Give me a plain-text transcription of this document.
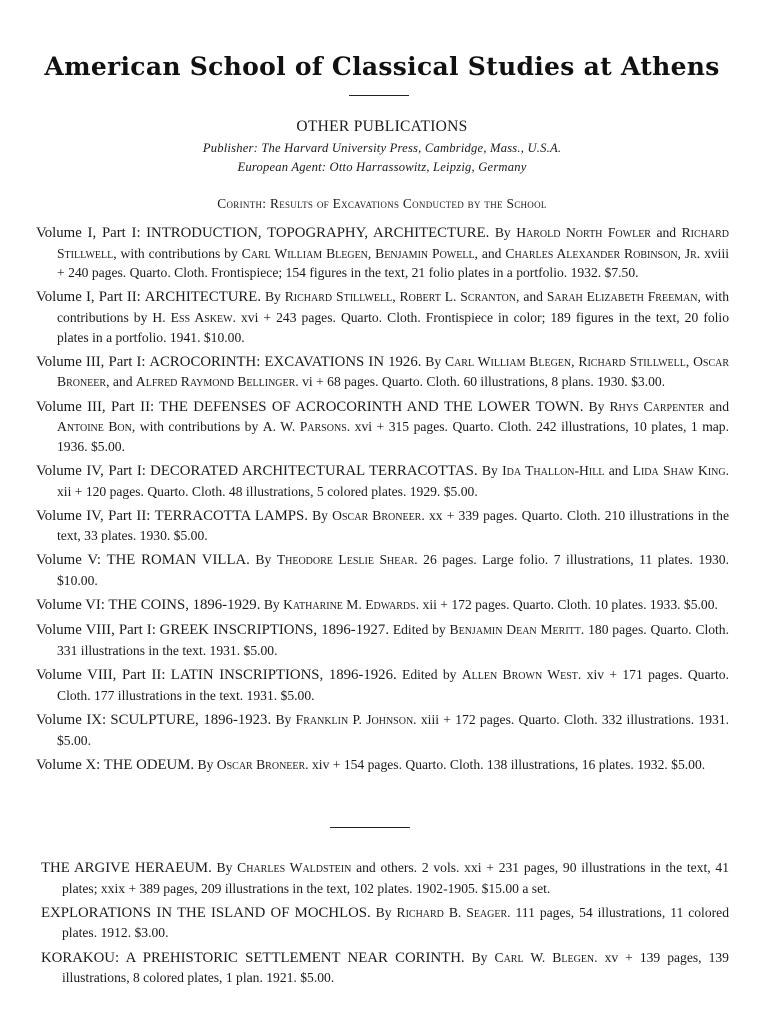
American School of Classical Studies at Athens
OTHER PUBLICATIONS
Publisher: The Harvard University Press, Cambridge, Mass., U.S.A.
European Agent: Otto Harrassowitz, Leipzig, Germany
Corinth: Results of Excavations Conducted by the School
Volume I, Part I: INTRODUCTION, TOPOGRAPHY, ARCHITECTURE. By Harold North Fowler and Richard Stillwell, with contributions by Carl William Blegen, Benjamin Powell, and Charles Alexander Robinson, Jr. xviii + 240 pages. Quarto. Cloth. Frontispiece; 154 figures in the text, 21 folio plates in a portfolio. 1932. $7.50.
Volume I, Part II: ARCHITECTURE. By Richard Stillwell, Robert L. Scranton, and Sarah Elizabeth Freeman, with contributions by H. Ess Askew. xvi + 243 pages. Quarto. Cloth. Frontispiece in color; 189 figures in the text, 20 folio plates in a portfolio. 1941. $10.00.
Volume III, Part I: ACROCORINTH: EXCAVATIONS IN 1926. By Carl William Blegen, Richard Stillwell, Oscar Broneer, and Alfred Raymond Bellinger. vi + 68 pages. Quarto. Cloth. 60 illustrations, 8 plans. 1930. $3.00.
Volume III, Part II: THE DEFENSES OF ACROCORINTH AND THE LOWER TOWN. By Rhys Carpenter and Antoine Bon, with contributions by A. W. Parsons. xvi + 315 pages. Quarto. Cloth. 242 illustrations, 10 plates, 1 map. 1936. $5.00.
Volume IV, Part I: DECORATED ARCHITECTURAL TERRACOTTAS. By Ida Thallon-Hill and Lida Shaw King. xii + 120 pages. Quarto. Cloth. 48 illustrations, 5 colored plates. 1929. $5.00.
Volume IV, Part II: TERRACOTTA LAMPS. By Oscar Broneer. xx + 339 pages. Quarto. Cloth. 210 illustrations in the text, 33 plates. 1930. $5.00.
Volume V: THE ROMAN VILLA. By Theodore Leslie Shear. 26 pages. Large folio. 7 illustrations, 11 plates. 1930. $10.00.
Volume VI: THE COINS, 1896-1929. By Katharine M. Edwards. xii + 172 pages. Quarto. Cloth. 10 plates. 1933. $5.00.
Volume VIII, Part I: GREEK INSCRIPTIONS, 1896-1927. Edited by Benjamin Dean Meritt. 180 pages. Quarto. Cloth. 331 illustrations in the text. 1931. $5.00.
Volume VIII, Part II: LATIN INSCRIPTIONS, 1896-1926. Edited by Allen Brown West. xiv + 171 pages. Quarto. Cloth. 177 illustrations in the text. 1931. $5.00.
Volume IX: SCULPTURE, 1896-1923. By Franklin P. Johnson. xiii + 172 pages. Quarto. Cloth. 332 illustrations. 1931. $5.00.
Volume X: THE ODEUM. By Oscar Broneer. xiv + 154 pages. Quarto. Cloth. 138 illustrations, 16 plates. 1932. $5.00.
THE ARGIVE HERAEUM. By Charles Waldstein and others. 2 vols. xxi + 231 pages, 90 illustrations in the text, 41 plates; xxix + 389 pages, 209 illustrations in the text, 102 plates. 1902-1905. $15.00 a set.
EXPLORATIONS IN THE ISLAND OF MOCHLOS. By Richard B. Seager. 111 pages, 54 illustrations, 11 colored plates. 1912. $3.00.
KORAKOU: A PREHISTORIC SETTLEMENT NEAR CORINTH. By Carl W. Blegen. xv + 139 pages, 139 illustrations, 8 colored plates, 1 plan. 1921. $5.00.
